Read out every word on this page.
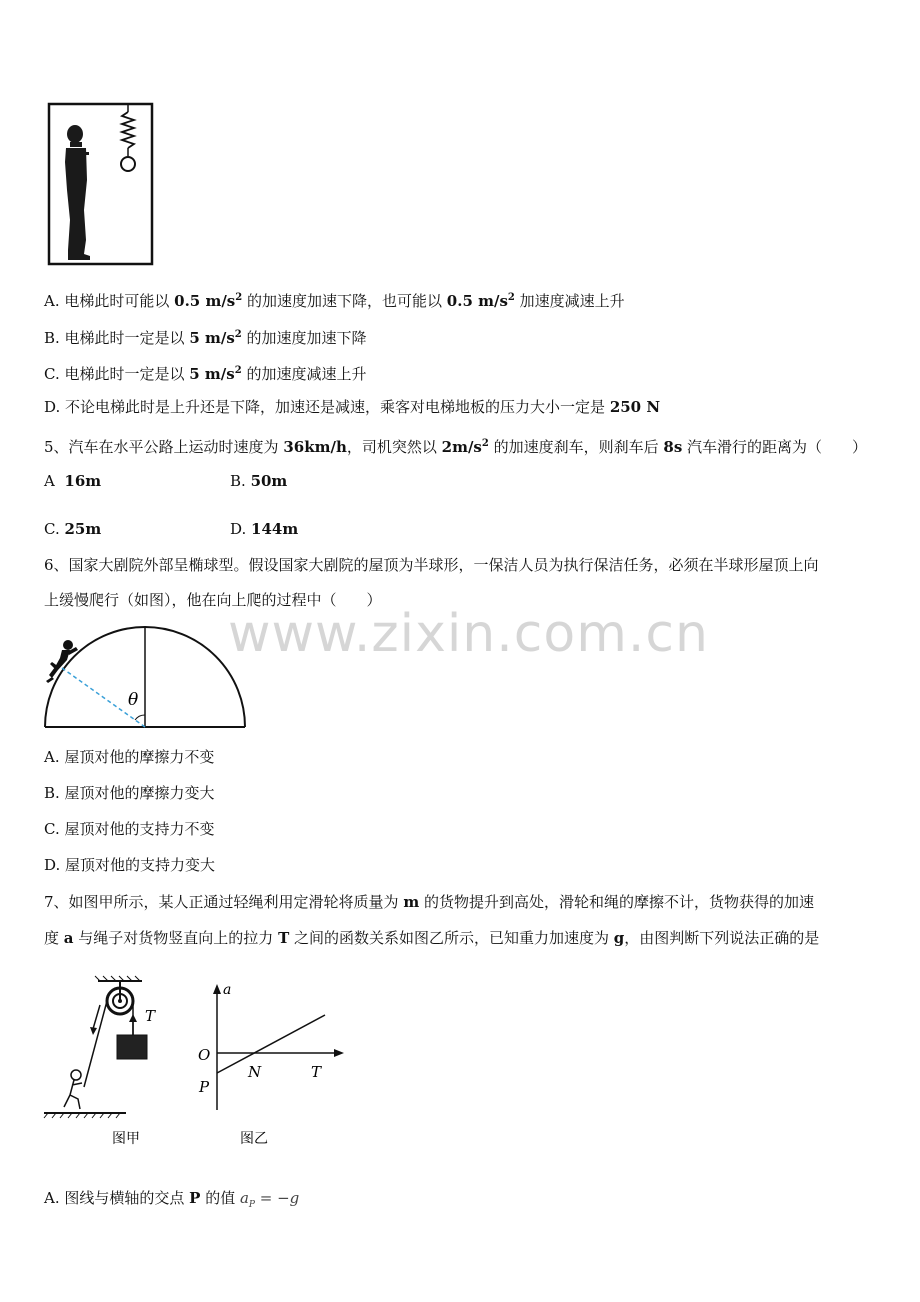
A. 电梯此时可能以 0.5 $m/s^2$ 的加速度加速下降，也可能以 0.5 $m/s^2$ 加速度减速上升
B. 电梯此时一定是以 5 $m/s^2$ 的加速度加速下降
C. 电梯此时一定是以 5 $m/s^2$ 的加速度减速上升
D. 不论电梯此时是上升还是下降，加速还是减速，乘客对电梯地板的压力大小一定是 250 N
5、汽车在水平公路上运动时速度为 36km/h，司机突然以 $2m/s^2$ 的加速度刹车，则刹车后 8s 汽车滑行的距离为（　　）
A 16m	B. 50m
C. 25m	D. 144m
6、国家大剧院外部呈椭球型。假设国家大剧院的屋顶为半球形，一保洁人员为执行保洁任务，必须在半球形屋顶上向
上缓慢爬行（如图），他在向上爬的过程中（　　）
www.zixin.com.cn
θ
A. 屋顶对他的摩擦力不变
B. 屋顶对他的摩擦力变大
C. 屋顶对他的支持力不变
D. 屋顶对他的支持力变大
7、如图甲所示，某人正通过轻绳利用定滑轮将质量为 m 的货物提升到高处，滑轮和绳的摩擦不计，货物获得的加速
度 a 与绳子对货物竖直向上的拉力 T 之间的函数关系如图乙所示，已知重力加速度为 g，由图判断下列说法正确的是
T
图甲
a
O
N	T
P
图乙
A. 图线与横轴的交点 P 的值 $a_P = -g$
